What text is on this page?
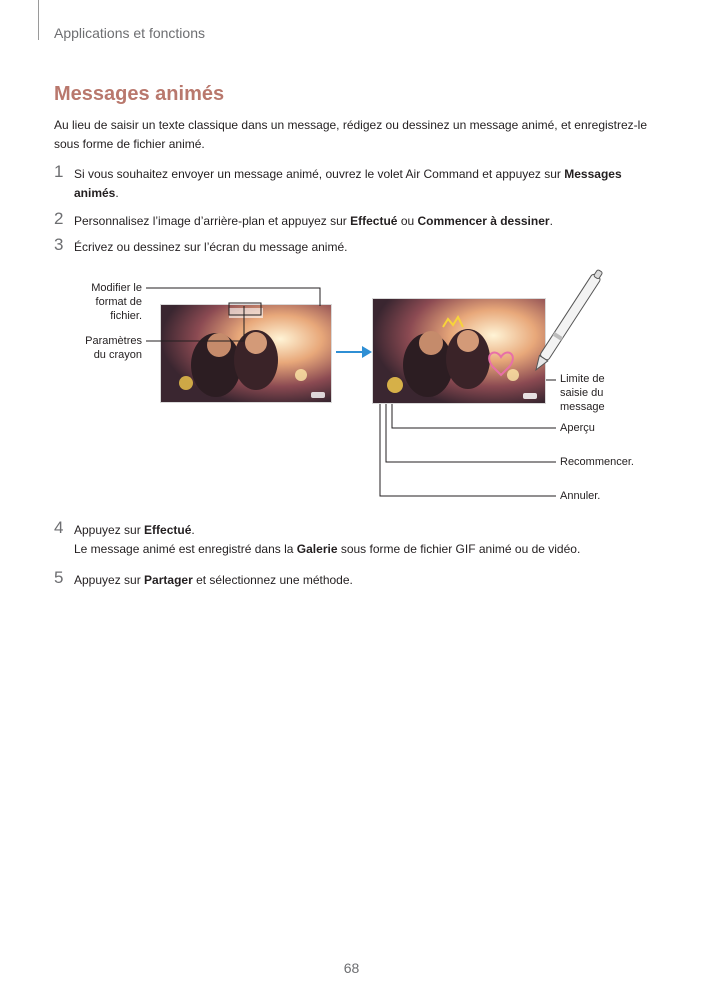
Applications et fonctions
Messages animés
Au lieu de saisir un texte classique dans un message, rédigez ou dessinez un message animé, et enregistrez-le sous forme de fichier animé.
1 Si vous souhaitez envoyer un message animé, ouvrez le volet Air Command et appuyez sur Messages animés.
2 Personnalisez l’image d’arrière-plan et appuyez sur Effectué ou Commencer à dessiner.
3 Écrivez ou dessinez sur l’écran du message animé.
Modifier le format de fichier.
Paramètres du crayon
Limite de saisie du message
Aperçu
Recommencer.
Annuler.
4 Appuyez sur Effectué.
Le message animé est enregistré dans la Galerie sous forme de fichier GIF animé ou de vidéo.
5 Appuyez sur Partager et sélectionnez une méthode.
68
